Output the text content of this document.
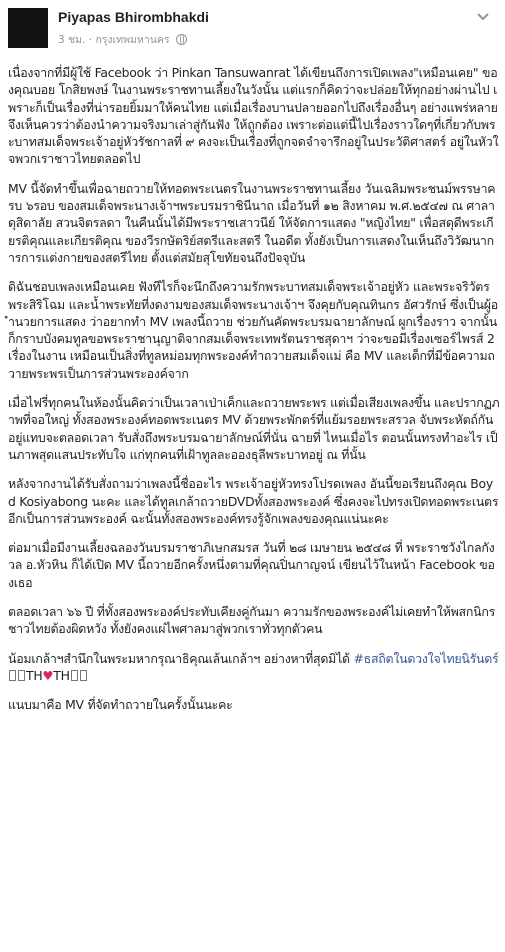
Piyapas Bhirombhakdi
3 ชม. · กรุงเทพมหานคร

เนื่องจากที่มีผู้ใช้ Facebook ว่า Pinkan Tansuwanrat ได้เขียนถึงการเปิดเพลง"เหมือนเคย" ของคุณบอย โกสิยพงษ์ ในงานพระราชทานเลี้ยงในวังนั้น แต่แรกก็คิดว่าจะปล่อยให้ทุกอย่างผ่านไป เพราะก็เป็นเรื่องที่น่ารอยยิ้มมาให้คนไทย แต่เมื่อเรื่องบานปลายออกไปถึงเรื่องอื่นๆ อย่างแพร่หลาย จึงเห็นควรว่าต้องนำความจริงมาเล่าสู่กันฟัง ให้ถูกต้อง เพราะต่อแต่นี้ไปเรื่องราวใดๆที่เกี่ยวกับพระบาทสมเด็จพระเจ้าอยู่หัวรัชกาลที่ ๙ คงจะเป็นเรื่องที่ถูกจดจำจารึกอยู่ในประวัติศาสตร์ อยู่ในหัวใจพวกเราชาวไทยตลอดไป

MV นี้จัดทำขึ้นเพื่อฉายถวายให้ทอดพระเนตรในงานพระราชทานเลี้ยง วันเฉลิมพระชนม์พรรษาครบ ๖รอบ ของสมเด็จพระนางเจ้าฯพระบรมราชินีนาถ เมื่อวันที่ ๑๒ สิงหาคม พ.ศ.๒๕๔๗ ณ ศาลาดุสิดาลัย สวนจิตรลดา ในคืนนั้นได้มีพระราชเสาวนีย์ ให้จัดการแสดง "หญิงไทย" เพื่อสดุดีพระเกียรติคุณและเกียรติคุณ ของวีรกษัตริย์สตรีและสตรี ในอดีต ทั้งยังเป็นการแสดงในเห็นถึงวิวัฒนาการการแต่งกายของสตรีไทย ตั้งแต่สมัยสุโขทัยจนถึงปัจจุบัน

ดิฉันชอบเพลงเหมือนเคย ฟังทีไรก็จะนึกถึงความรักพระบาทสมเด็จพระเจ้าอยู่หัว และพระจริวัตร พระสิริโฉม และน้ำพระทัยที่งดงามของสมเด็จพระนางเจ้าฯ จึงคุยกับคุณทินกร อัศวรักษ์ ซึ่งเป็นผู้อำนวยการแสดง ว่าอยากทำ MV เพลงนี้ถวาย ช่วยกันคัดพระบรมฉายาลักษณ์ ผูกเรื่องราว จากนั้นก็กราบบังคมทูลขอพระราชานุญาติจากสมเด็จพระเทพรัตนราชสุดาฯ ว่าจะขอมีเรื่องเซอร์ไพรส์ 2 เรื่องในงาน เหมือนเป็นสิ่งที่ทูลหม่อมทุกพระองค์ทำถวายสมเด็จแม่ คือ MV และเด็กที่มีข้อความถวายพระพรเป็นการส่วนพระองค์จาก

เมื่อไฟรี่ทุกคนในห้องนั้นคิดว่าเป็นเวลาเป่าเค็กและถวายพระพร แต่เมื่อเสียงเพลงขึ้น และปรากฏภาพที่จอใหญ่ ทั้งสองพระองค์ทอดพระเนตร MV ด้วยพระพักตร์ที่แย้มรอยพระสรวล จับพระหัตถ์กันอยู่แทบจะตลอดเวลา รับสั่งถึงพระบรมฉายาลักษณ์ที่นั่น ฉายที่ ไหนเมื่อไร ตอนนั้นทรงทำอะไร เป็นภาพสุดแสนประทับใจ แก่ทุกคนที่เฝ้าทูลละอองธุลีพระบาทอยู่ ณ ที่นั้น

หลังจากงานได้รับสั่งถามว่าเพลงนี้ชื่ออะไร พระเจ้าอยู่หัวทรงโปรดเพลง อันนี้ขอเรียนถึงคุณ Boyd Kosiyabong นะคะ และได้ทูลเกล้าถวายDVDทั้งสองพระองค์ ซึ่งคงจะไปทรงเปิดทอดพระเนตรอีกเป็นการส่วนพระองค์ ฉะนั้นทั้งสองพระองค์ทรงรู้จักเพลงของคุณแน่นะคะ

ต่อมาเมื่อมีงานเลี้ยงฉลองวันบรมราชาภิเษกสมรส วันที่ ๒๘ เมษายน ๒๕๔๘ ที่ พระราชวังไกลกังวล อ.หัวหิน ก็ได้เปิด MV นี้ถวายอีกครั้งหนึ่งตามที่คุณปิ่นกาญจน์ เขียนไว้ในหน้า Facebook ของเธอ

ตลอดเวลา ๖๖ ปี ที่ทั้งสองพระองค์ประทับเคียงคู่กันมา ความรักของพระองค์ไม่เคยทำให้พสกนิกรชาวไทยต้องผิดหวัง ทั้งยังคงแผ่ไพศาลมาสู่พวกเราทั่วทุกตัวคน

น้อมเกล้าฯสำนึกในพระมหากรุณาธิคุณเล้นเกล้าฯ อย่างหาที่สุดมิได้ #ธสถิตในดวงใจไทยนิรันดร์ TH♥TH

แนบมาคือ MV ที่จัดทำถวายในครั้งนั้นนะคะ
